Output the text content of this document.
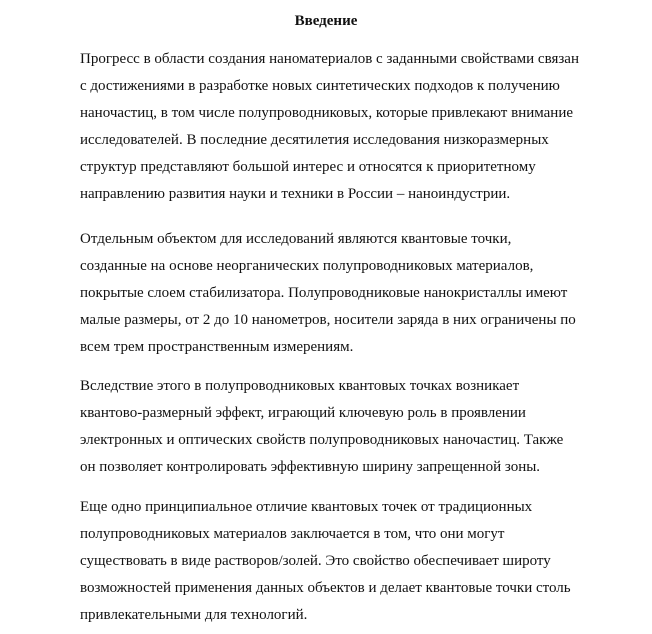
Введение
Прогресс в области создания наноматериалов с заданными свойствами связан
с достижениями в разработке новых синтетических подходов к получению
наночастиц, в том числе полупроводниковых, которые привлекают внимание
исследователей. В последние десятилетия исследования низкоразмерных
структур представляют большой интерес и относятся к приоритетному
направлению развития науки и техники в России – наноиндустрии.
Отдельным объектом для исследований являются квантовые точки,
созданные на основе неорганических полупроводниковых материалов,
покрытые слоем стабилизатора. Полупроводниковые нанокристаллы имеют
малые размеры, от 2 до 10 нанометров, носители заряда в них ограничены по
всем трем пространственным измерениям.
Вследствие этого в полупроводниковых квантовых точках возникает
квантово-размерный эффект, играющий ключевую роль в проявлении
электронных и оптических свойств полупроводниковых наночастиц. Также
он позволяет контролировать эффективную ширину запрещенной зоны.
Еще одно принципиальное отличие квантовых точек от традиционных
полупроводниковых материалов заключается в том, что они могут
существовать в виде растворов/золей. Это свойство обеспечивает широту
возможностей применения данных объектов и делает квантовые точки столь
привлекательными для технологий.
